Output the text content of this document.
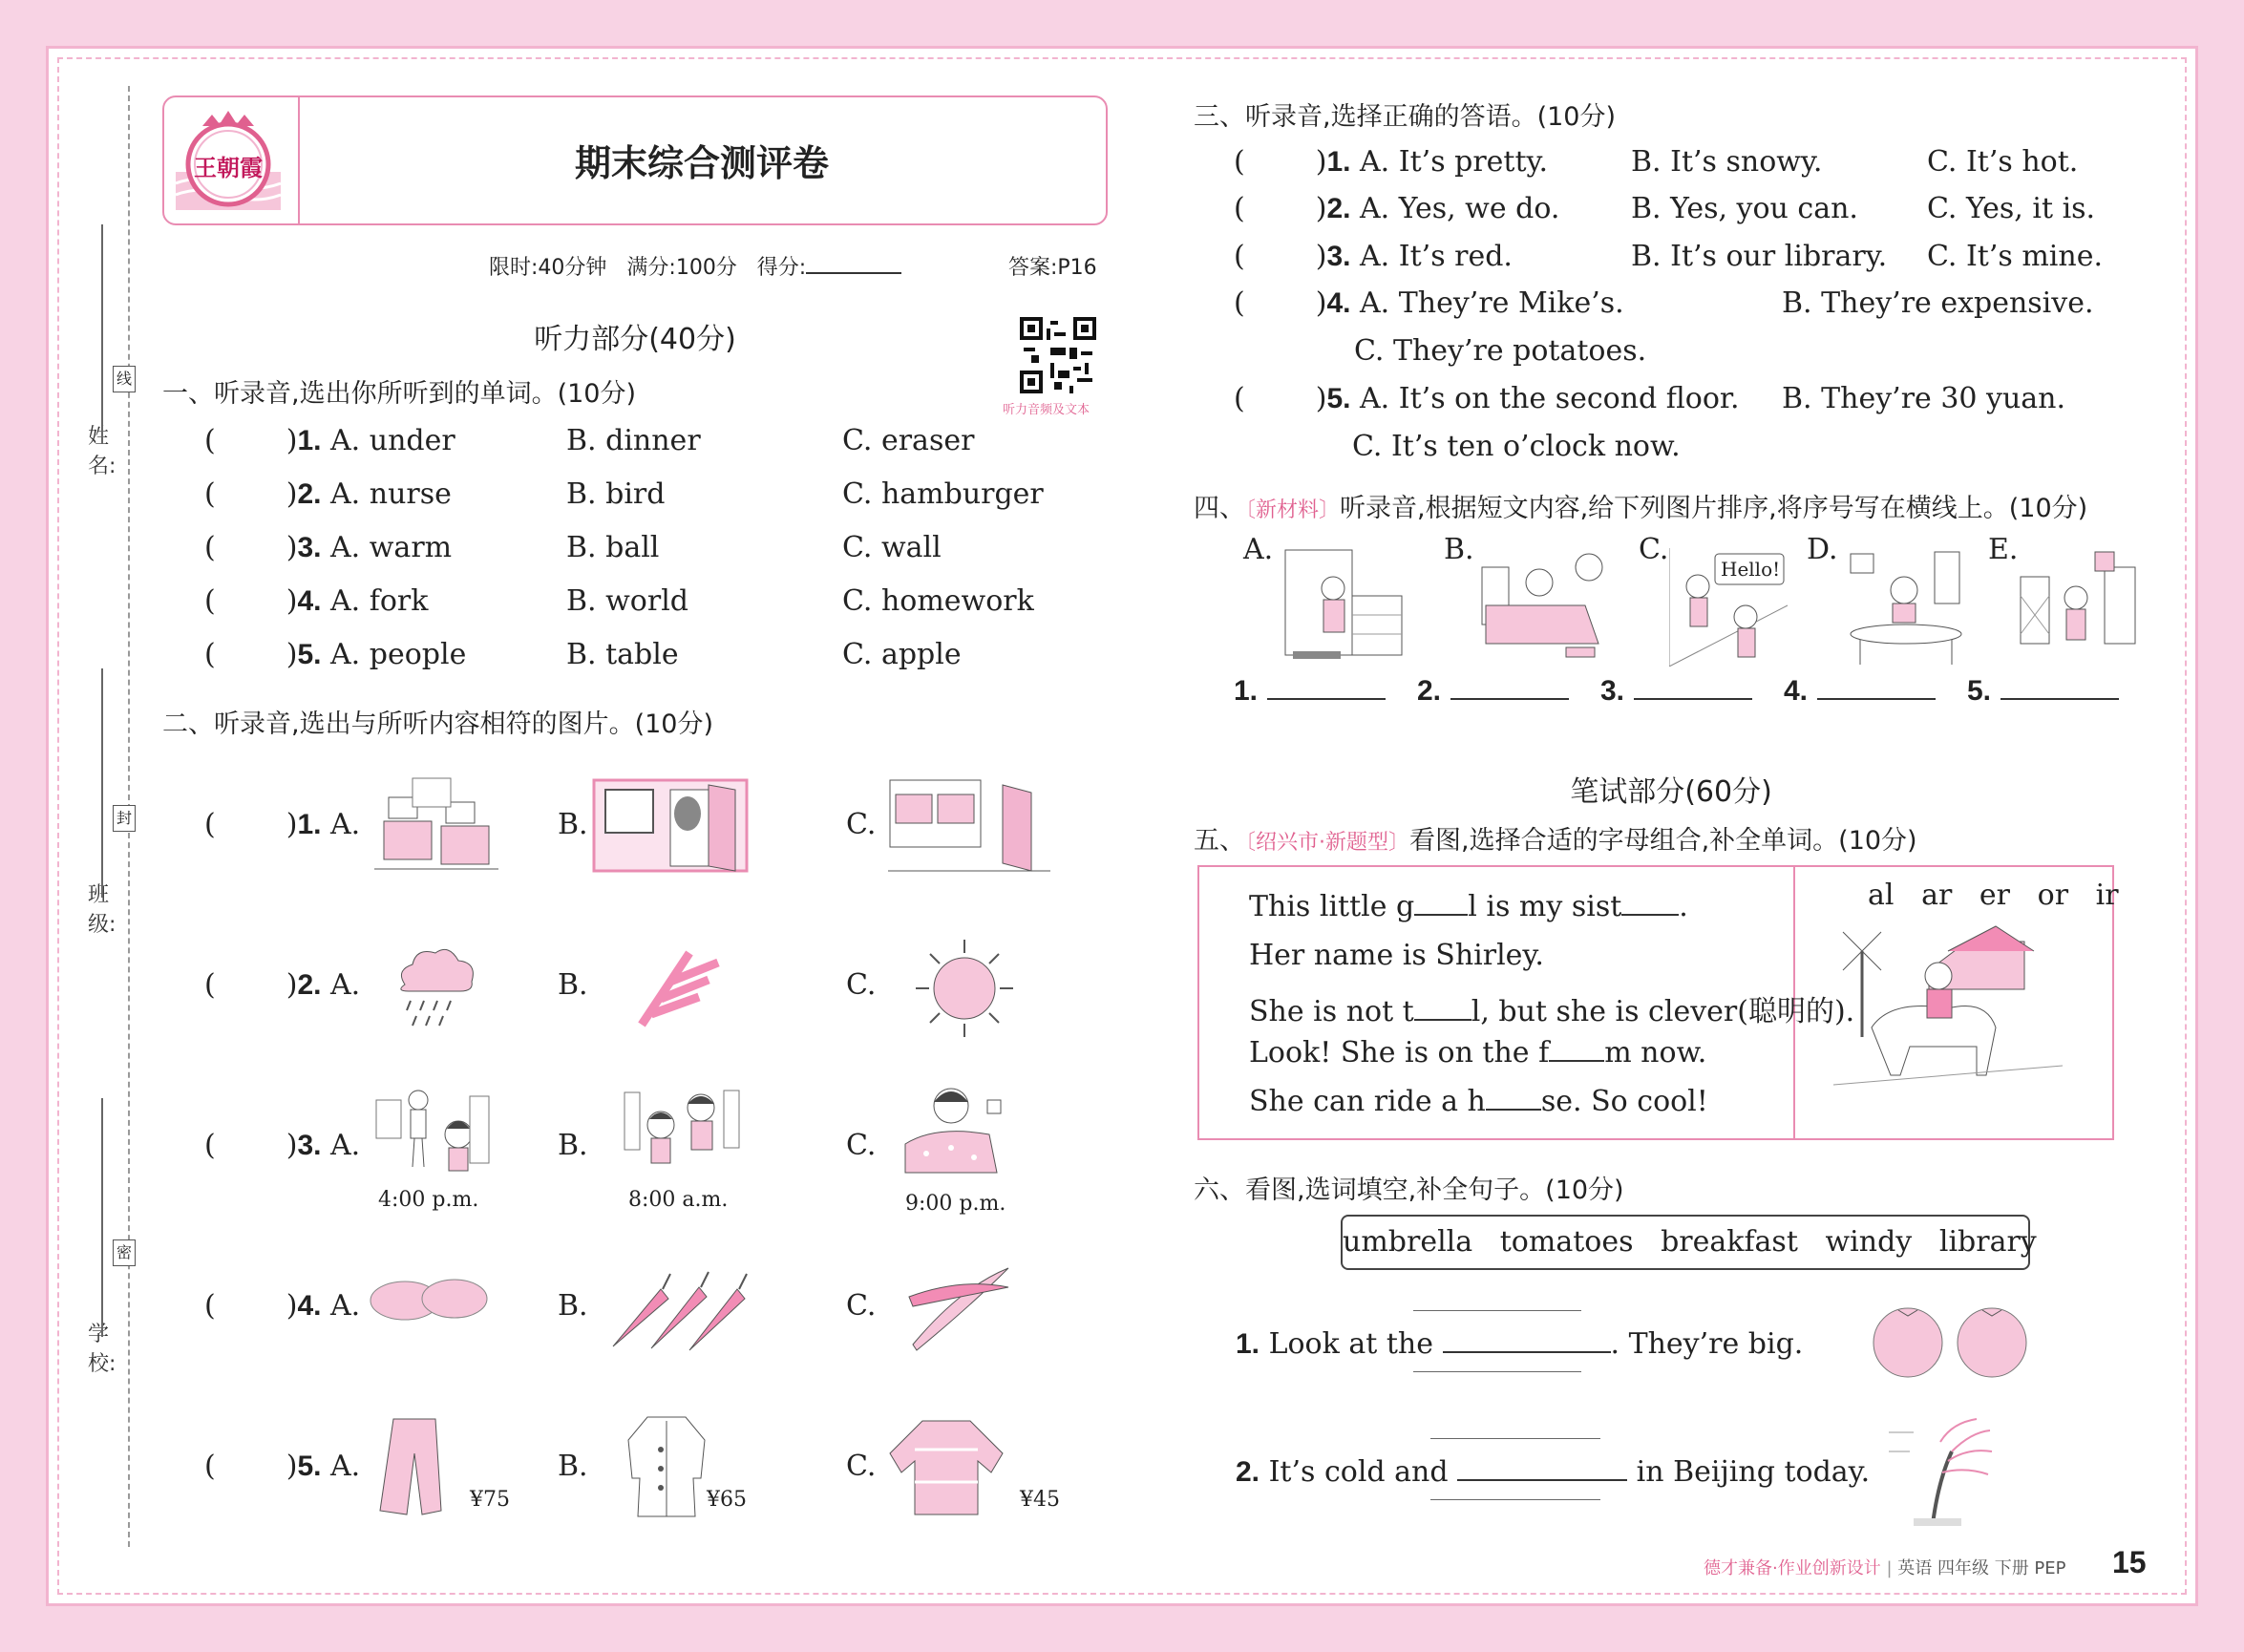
姓名:
班级:
学校:
线
封
密
王朝霞	期末综合测评卷
限时:40分钟 满分:100分 得分:	答案:P16
听力音频及文本
听力部分(40分)
一、听录音,选出你所听到的单词。(10分)
( )1. A. under	B. dinner	C. eraser
( )2. A. nurse	B. bird	C. hamburger
( )3. A. warm	B. ball	C. wall
( )4. A. fork	B. world	C. homework
( )5. A. people	B. table	C. apple
二、听录音,选出与所听内容相符的图片。(10分)
( )1. A.	B.	C.
( )2. A.	B.	C.
( )3. A.	B.	C.
4:00 p.m.	8:00 a.m.	9:00 p.m.
( )4. A.	B.	C.
( )5. A.	B.	C.
¥75	¥65	¥45
三、听录音,选择正确的答语。(10分)
( )1. A. It’s pretty.	B. It’s snowy.	C. It’s hot.
( )2. A. Yes, we do. B. Yes, you can. C. Yes, it is.
( )3. A. It’s red.	B. It’s our library. C. It’s mine.
( )4. A. They’re Mike’s.	B. They’re expensive.
C. They’re potatoes.
( )5. A. It’s on the second floor. B. They’re 30 yuan.
C. It’s ten o’clock now.
四、〔新材料〕听录音,根据短文内容,给下列图片排序,将序号写在横线上。(10分)
A.	B.	C.	D.	E.
Hello!
1.	2.	3.	4.	5.
笔试部分(60分)
五、〔绍兴市·新题型〕看图,选择合适的字母组合,补全单词。(10分)
This little g l is my sist .
Her name is Shirley.
She is not t l, but she is clever(聪明的).
Look! She is on the f m now.
She can ride a h se. So cool!
al   ar   er   or   ir
六、看图,选词填空,补全句子。(10分)
umbrella   tomatoes   breakfast   windy   library
1. Look at the	. They’re big.
2. It’s cold and	in Beijing today.
德才兼备·作业创新设计 | 英语 四年级 下册 PEP 15
